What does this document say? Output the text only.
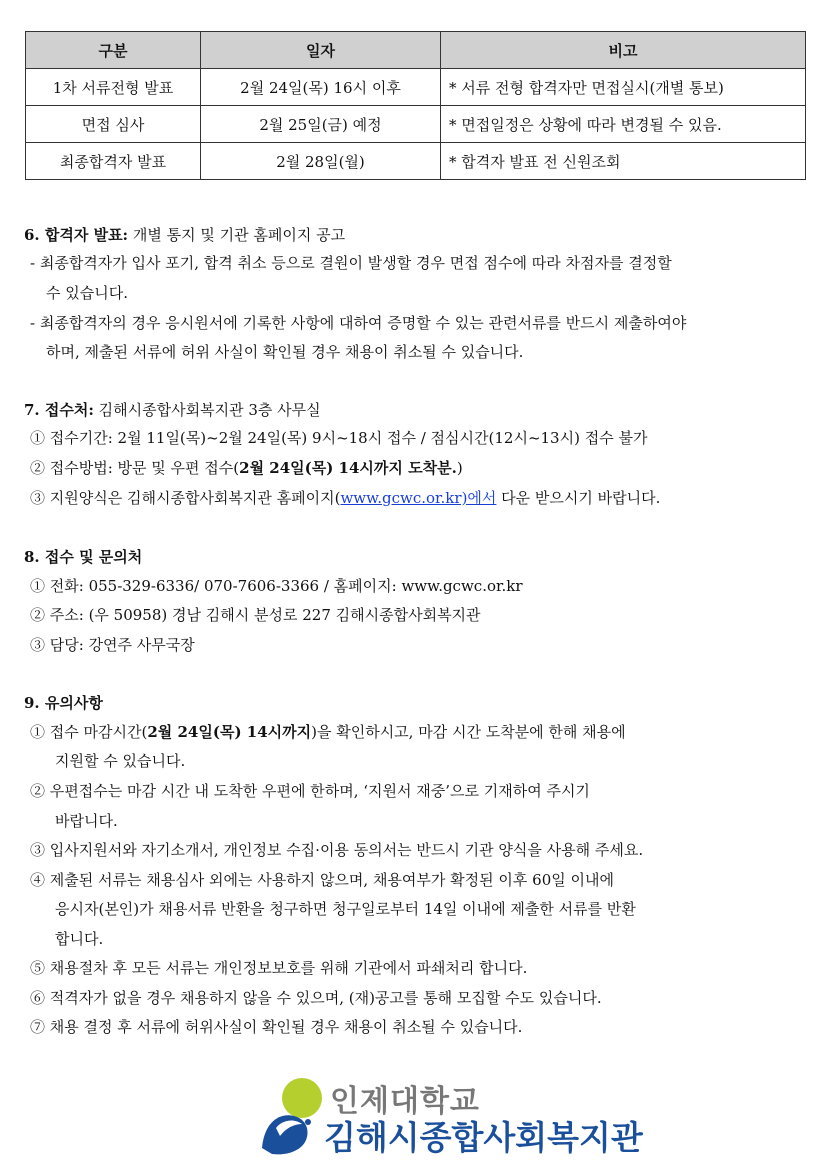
구분	일자	비고
1차 서류전형 발표	2월 24일(목) 16시 이후	* 서류 전형 합격자만 면접실시(개별 통보)
면접 심사	2월 25일(금) 예정	* 면접일정은 상황에 따라 변경될 수 있음.
최종합격자 발표	2월 28일(월)	* 합격자 발표 전 신원조회
6. 합격자 발표: 개별 통지 및 기관 홈페이지 공고
- 최종합격자가 입사 포기, 합격 취소 등으로 결원이 발생할 경우 면접 점수에 따라 차점자를 결정할
수 있습니다.
- 최종합격자의 경우 응시원서에 기록한 사항에 대하여 증명할 수 있는 관련서류를 반드시 제출하여야
하며, 제출된 서류에 허위 사실이 확인될 경우 채용이 취소될 수 있습니다.
7. 접수처: 김해시종합사회복지관 3층 사무실
① 접수기간: 2월 11일(목)~2월 24일(목) 9시~18시 접수 / 점심시간(12시~13시) 접수 불가
② 접수방법: 방문 및 우편 접수(2월 24일(목) 14시까지 도착분.)
③ 지원양식은 김해시종합사회복지관 홈페이지(www.gcwc.or.kr)에서 다운 받으시기 바랍니다.
8. 접수 및 문의처
① 전화: 055-329-6336/ 070-7606-3366 / 홈페이지: www.gcwc.or.kr
② 주소: (우 50958) 경남 김해시 분성로 227 김해시종합사회복지관
③ 담당: 강연주 사무국장
9. 유의사항
① 접수 마감시간(2월 24일(목) 14시까지)을 확인하시고, 마감 시간 도착분에 한해 채용에
지원할 수 있습니다.
② 우편접수는 마감 시간 내 도착한 우편에 한하며, ‘지원서 재중’으로 기재하여 주시기
바랍니다.
③ 입사지원서와 자기소개서, 개인정보 수집·이용 동의서는 반드시 기관 양식을 사용해 주세요.
④ 제출된 서류는 채용심사 외에는 사용하지 않으며, 채용여부가 확정된 이후 60일 이내에
응시자(본인)가 채용서류 반환을 청구하면 청구일로부터 14일 이내에 제출한 서류를 반환
합니다.
⑤ 채용절차 후 모든 서류는 개인정보보호를 위해 기관에서 파쇄처리 합니다.
⑥ 적격자가 없을 경우 채용하지 않을 수 있으며, (재)공고를 통해 모집할 수도 있습니다.
⑦ 채용 결정 후 서류에 허위사실이 확인될 경우 채용이 취소될 수 있습니다.
인제대학교
김해시종합사회복지관
